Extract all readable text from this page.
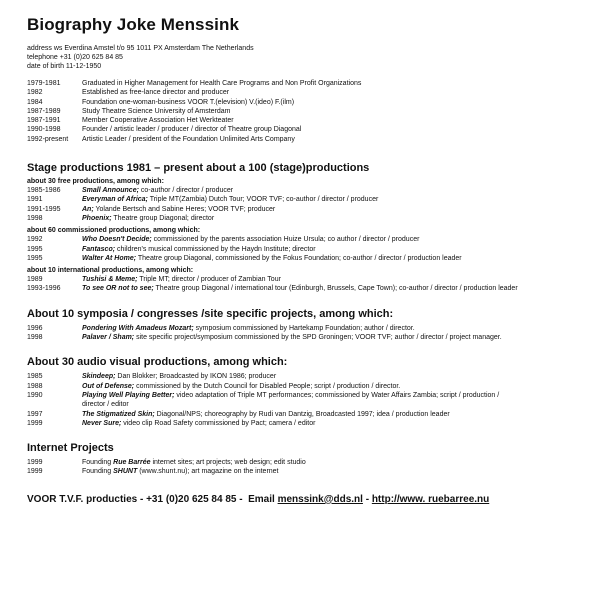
Biography Joke Menssink
address ws Everdina Amstel t/o 95 1011 PX Amsterdam The Netherlands
telephone +31 (0)20 625 84 85
date of birth 11-12-1950
1979-1981	Graduated in Higher Management for Health Care Programs and Non Profit Organizations
1982	Established as free-lance director and producer
1984	Foundation one-woman-business VOOR T.(elevision) V.(ideo) F.(ilm)
1987-1989	Study Theatre Science University of Amsterdam
1987-1991	Member Cooperative Association Het Werkteater
1990-1998	Founder / artistic leader / producer / director of Theatre group Diagonal
1992-present	Artistic Leader / president of the Foundation Unlimited Arts Company
Stage productions 1981 – present about a 100 (stage)productions
about 30 free productions, among which:
1985-1986	Small Announce; co-author / director / producer
1991	Everyman of Africa; Triple MT(Zambia) Dutch Tour; VOOR TVF; co-author / director / producer
1991-1995	An; Yolande Bertsch and Sabine Heres; VOOR TVF; producer
1998	Phoenix; Theatre group Diagonal; director
about 60 commissioned productions, among which:
1992	Who Doesn't Decide; commissioned by the parents association Huize Ursula; co author / director / producer
1995	Fantasco; children's musical commissioned by the Haydn Institute; director
1995	Walter At Home; Theatre group Diagonal, commissioned by the Fokus Foundation; co-author / director / production leader
about 10 international productions, among which:
1989	Tushisi & Meme; Triple MT; director / producer of Zambian Tour
1993-1996	To see OR not to see; Theatre group Diagonal / international tour (Edinburgh, Brussels, Cape Town); co-author / director / production leader
About 10 symposia / congresses /site specific projects, among which:
1996	Pondering With Amadeus Mozart; symposium commissioned by Hartekamp Foundation; author / director.
1998	Palaver / Sham; site specific project/symposium commissioned by the SPD Groningen; VOOR TVF; author / director / project manager.
About 30 audio visual productions, among which:
1985	Skindeep; Dan Blokker; Broadcasted by IKON 1986; producer
1988	Out of Defense; commissioned by the Dutch Council for Disabled People; script / production / director.
1990	Playing Well Playing Better; video adaptation of Triple MT performances; commissioned by Water Affairs Zambia; script / production /
director / editor
1997	The Stigmatized Skin; Diagonal/NPS; choreography by Rudi van Dantzig, Broadcasted 1997; idea / production leader
1999	Never Sure; video clip Road Safety commissioned by Pact; camera / editor
Internet Projects
1999	Founding Rue Barrée internet sites; art projects; web design; edit studio
1999	Founding SHUNT (www.shunt.nu); art magazine on the internet
VOOR T.V.F. producties - +31 (0)20 625 84 85 - Email menssink@dds.nl - http://www. ruebarree.nu
